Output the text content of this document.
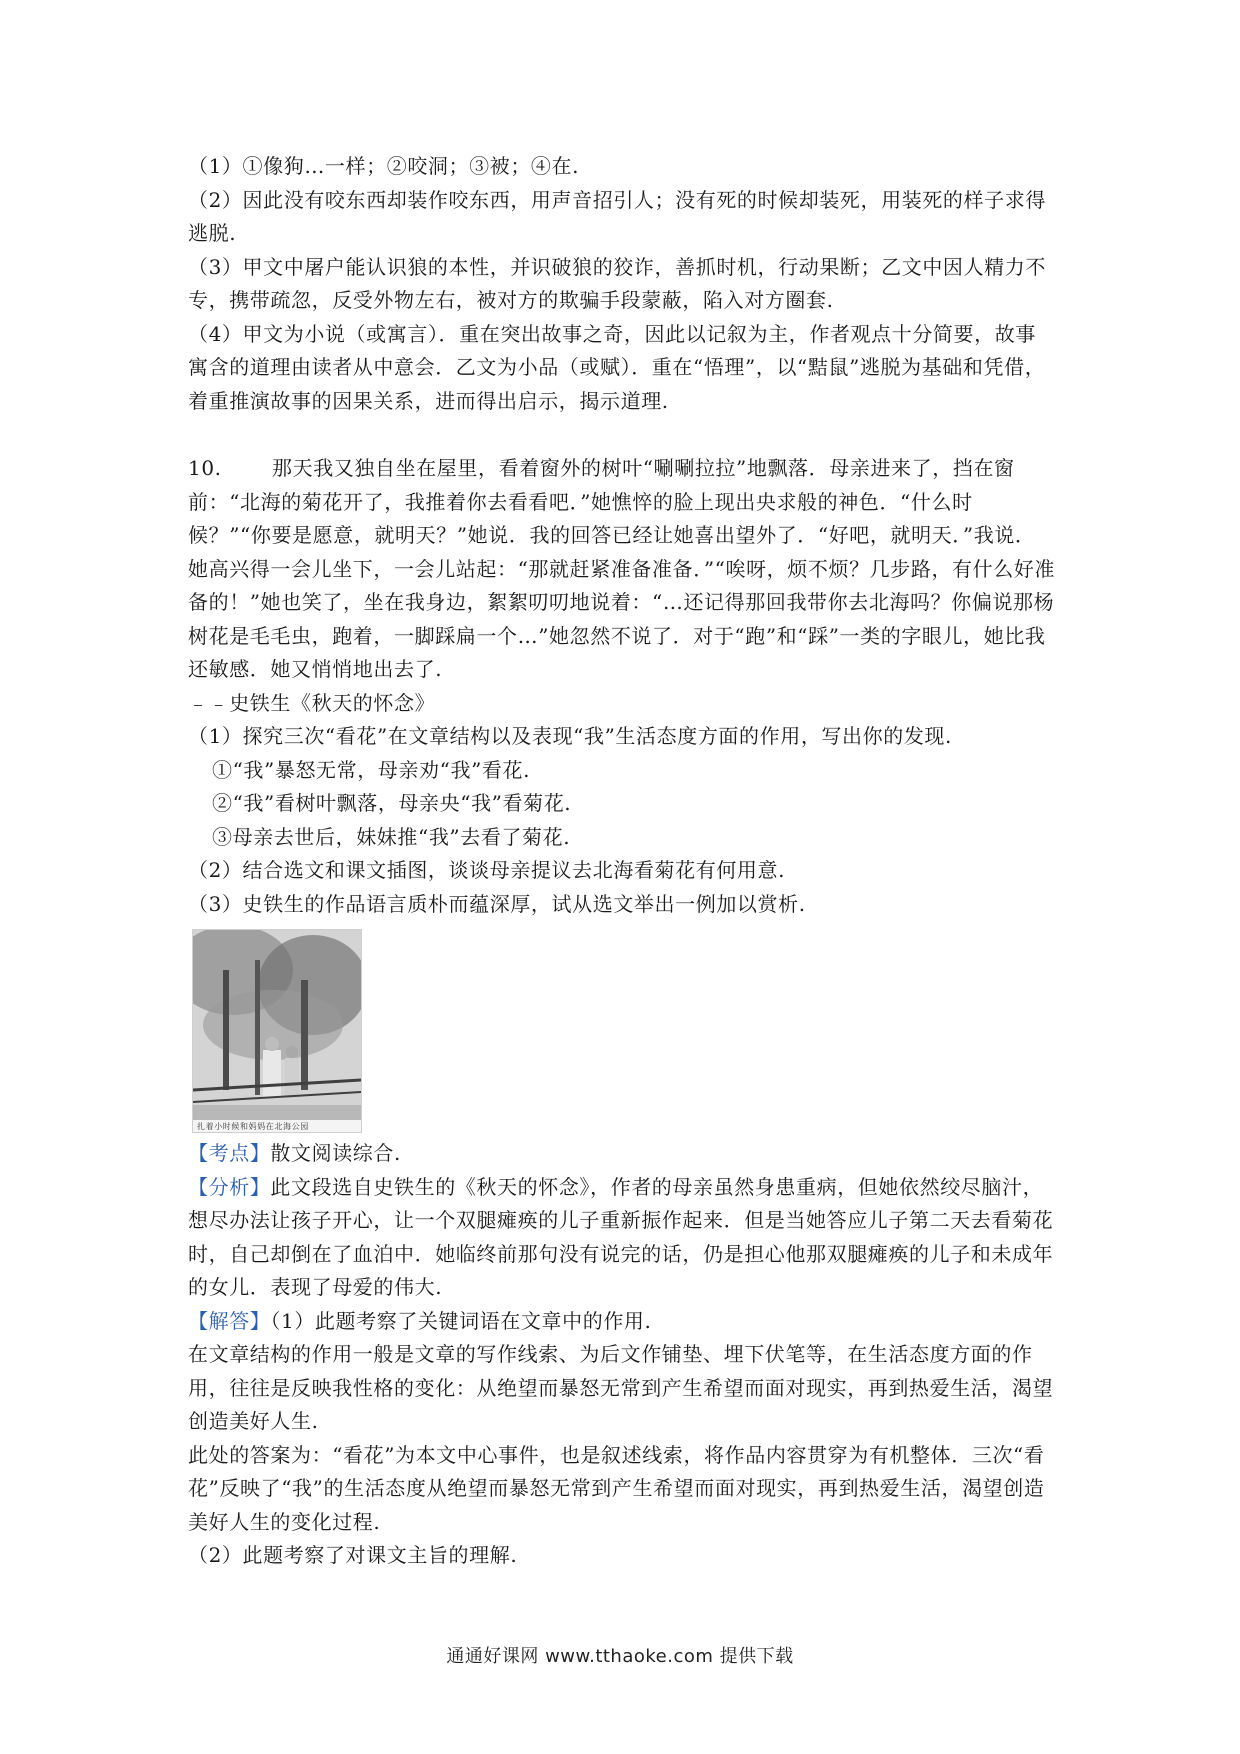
（1）①像狗…一样；②咬洞；③被；④在.

（2）因此没有咬东西却装作咬东西，用声音招引人；没有死的时候却装死，用装死的样子求得逃脱.

（3）甲文中屠户能认识狼的本性，并识破狼的狡诈，善抓时机，行动果断；乙文中因人精力不专，携带疏忽，反受外物左右，被对方的欺骗手段蒙蔽，陷入对方圈套.

（4）甲文为小说（或寓言）．重在突出故事之奇，因此以记叙为主，作者观点十分简要，故事寓含的道理由读者从中意会．乙文为小品（或赋）．重在“悟理”，以“黠鼠”逃脱为基础和凭借，着重推演故事的因果关系，进而得出启示，揭示道理.

10.	那天我又独自坐在屋里，看着窗外的树叶“唰唰拉拉”地飘落．母亲进来了，挡在窗前：“北海的菊花开了，我推着你去看看吧．”她憔悴的脸上现出央求般的神色．“什么时候？”“你要是愿意，就明天？”她说．我的回答已经让她喜出望外了．“好吧，就明天．”我说．她高兴得一会儿坐下，一会儿站起：“那就赶紧准备准备．”“唉呀，烦不烦？几步路，有什么好准备的！”她也笑了，坐在我身边，絮絮叨叨地说着：“…还记得那回我带你去北海吗？你偏说那杨树花是毛毛虫，跑着，一脚踩扁一个…”她忽然不说了．对于“跑”和“踩”一类的字眼儿，她比我还敏感．她又悄悄地出去了.

﹣﹣史铁生《秋天的怀念》

（1）探究三次“看花”在文章结构以及表现“我”生活态度方面的作用，写出你的发现.

①“我”暴怒无常，母亲劝“我”看花.

②“我”看树叶飘落，母亲央“我”看菊花.

③母亲去世后，妹妹推“我”去看了菊花.

（2）结合选文和课文插图，谈谈母亲提议去北海看菊花有何用意.

（3）史铁生的作品语言质朴而蕴深厚，试从选文举出一例加以赏析.

扎着小时候和妈妈在北海公园

【考点】散文阅读综合.

【分析】此文段选自史铁生的《秋天的怀念》，作者的母亲虽然身患重病，但她依然绞尽脑汁，想尽办法让孩子开心，让一个双腿瘫痪的儿子重新振作起来．但是当她答应儿子第二天去看菊花时，自己却倒在了血泊中．她临终前那句没有说完的话，仍是担心他那双腿瘫痪的儿子和未成年的女儿．表现了母爱的伟大.

【解答】（1）此题考察了关键词语在文章中的作用.

在文章结构的作用一般是文章的写作线索、为后文作铺垫、埋下伏笔等，在生活态度方面的作用，往往是反映我性格的变化：从绝望而暴怒无常到产生希望而面对现实，再到热爱生活，渴望创造美好人生.

此处的答案为：“看花”为本文中心事件，也是叙述线索，将作品内容贯穿为有机整体．三次“看花”反映了“我”的生活态度从绝望而暴怒无常到产生希望而面对现实，再到热爱生活，渴望创造美好人生的变化过程.

（2）此题考察了对课文主旨的理解.

通通好课网 www.tthaoke.com 提供下载
